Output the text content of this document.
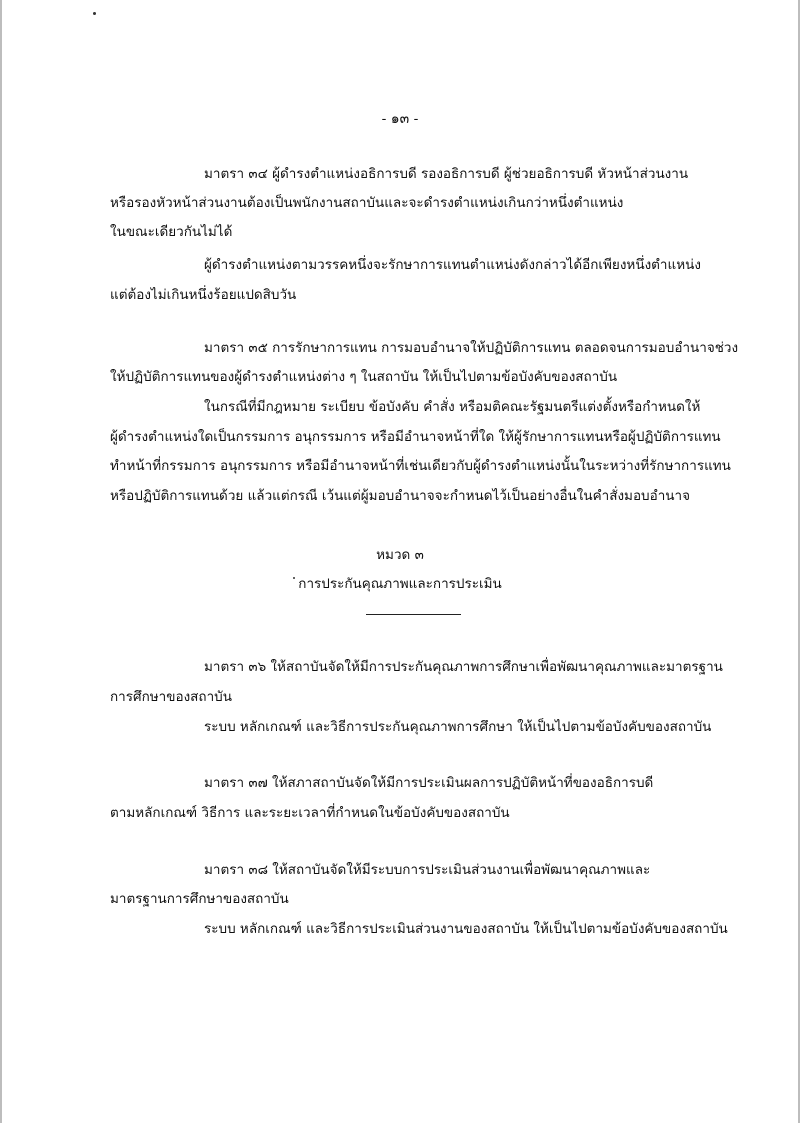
- ๑๓ -
มาตรา ๓๔ ผู้ดำรงตำแหน่งอธิการบดี รองอธิการบดี ผู้ช่วยอธิการบดี หัวหน้าส่วนงาน
หรือรองหัวหน้าส่วนงานต้องเป็นพนักงานสถาบันและจะดำรงตำแหน่งเกินกว่าหนึ่งตำแหน่ง
ในขณะเดียวกันไม่ได้
ผู้ดำรงตำแหน่งตามวรรคหนึ่งจะรักษาการแทนตำแหน่งดังกล่าวได้อีกเพียงหนึ่งตำแหน่ง
แต่ต้องไม่เกินหนึ่งร้อยแปดสิบวัน
มาตรา ๓๕ การรักษาการแทน การมอบอำนาจให้ปฏิบัติการแทน ตลอดจนการมอบอำนาจช่วง
ให้ปฏิบัติการแทนของผู้ดำรงตำแหน่งต่าง ๆ ในสถาบัน ให้เป็นไปตามข้อบังคับของสถาบัน
ในกรณีที่มีกฎหมาย ระเบียบ ข้อบังคับ คำสั่ง หรือมติคณะรัฐมนตรีแต่งตั้งหรือกำหนดให้
ผู้ดำรงตำแหน่งใดเป็นกรรมการ อนุกรรมการ หรือมีอำนาจหน้าที่ใด ให้ผู้รักษาการแทนหรือผู้ปฏิบัติการแทน
ทำหน้าที่กรรมการ อนุกรรมการ หรือมีอำนาจหน้าที่เช่นเดียวกับผู้ดำรงตำแหน่งนั้นในระหว่างที่รักษาการแทน
หรือปฏิบัติการแทนด้วย แล้วแต่กรณี เว้นแต่ผู้มอบอำนาจจะกำหนดไว้เป็นอย่างอื่นในคำสั่งมอบอำนาจ
หมวด ๓
การประกันคุณภาพและการประเมิน
มาตรา ๓๖ ให้สถาบันจัดให้มีการประกันคุณภาพการศึกษาเพื่อพัฒนาคุณภาพและมาตรฐาน
การศึกษาของสถาบัน
ระบบ หลักเกณฑ์ และวิธีการประกันคุณภาพการศึกษา ให้เป็นไปตามข้อบังคับของสถาบัน
มาตรา ๓๗ ให้สภาสถาบันจัดให้มีการประเมินผลการปฏิบัติหน้าที่ของอธิการบดี
ตามหลักเกณฑ์ วิธีการ และระยะเวลาที่กำหนดในข้อบังคับของสถาบัน
มาตรา ๓๘ ให้สถาบันจัดให้มีระบบการประเมินส่วนงานเพื่อพัฒนาคุณภาพและ
มาตรฐานการศึกษาของสถาบัน
ระบบ หลักเกณฑ์ และวิธีการประเมินส่วนงานของสถาบัน ให้เป็นไปตามข้อบังคับของสถาบัน
